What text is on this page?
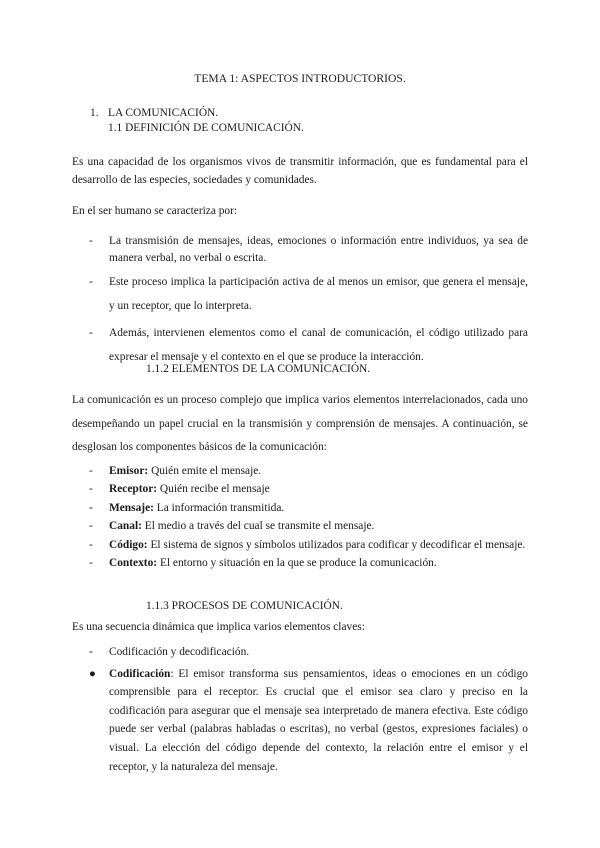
TEMA 1: ASPECTOS INTRODUCTORIOS.
1. LA COMUNICACIÓN.
1.1 DEFINICIÓN DE COMUNICACIÓN.
Es una capacidad de los organismos vivos de transmitir información, que es fundamental para el desarrollo de las especies, sociedades y comunidades.
En el ser humano se caracteriza por:
- La transmisión de mensajes, ideas, emociones o información entre individuos, ya sea de manera verbal, no verbal o escrita.
- Este proceso implica la participación activa de al menos un emisor, que genera el mensaje, y un receptor, que lo interpreta.
- Además, intervienen elementos como el canal de comunicación, el código utilizado para expresar el mensaje y el contexto en el que se produce la interacción.
1.1.2 ELEMENTOS DE LA COMUNICACIÓN.
La comunicación es un proceso complejo que implica varios elementos interrelacionados, cada uno desempeñando un papel crucial en la transmisión y comprensión de mensajes. A continuación, se desglosan los componentes básicos de la comunicación:
- Emisor: Quién emite el mensaje.
- Receptor: Quién recibe el mensaje
- Mensaje: La información transmitida.
- Canal: El medio a través del cual se transmite el mensaje.
- Código: El sistema de signos y símbolos utilizados para codificar y decodificar el mensaje.
- Contexto: El entorno y situación en la que se produce la comunicación.
1.1.3 PROCESOS DE COMUNICACIÓN.
Es una secuencia dinámica que implica varios elementos claves:
- Codificación y decodificación.
● Codificación: El emisor transforma sus pensamientos, ideas o emociones en un código comprensible para el receptor. Es crucial que el emisor sea claro y preciso en la codificación para asegurar que el mensaje sea interpretado de manera efectiva. Este código puede ser verbal (palabras habladas o escritas), no verbal (gestos, expresiones faciales) o visual. La elección del código depende del contexto, la relación entre el emisor y el receptor, y la naturaleza del mensaje.
